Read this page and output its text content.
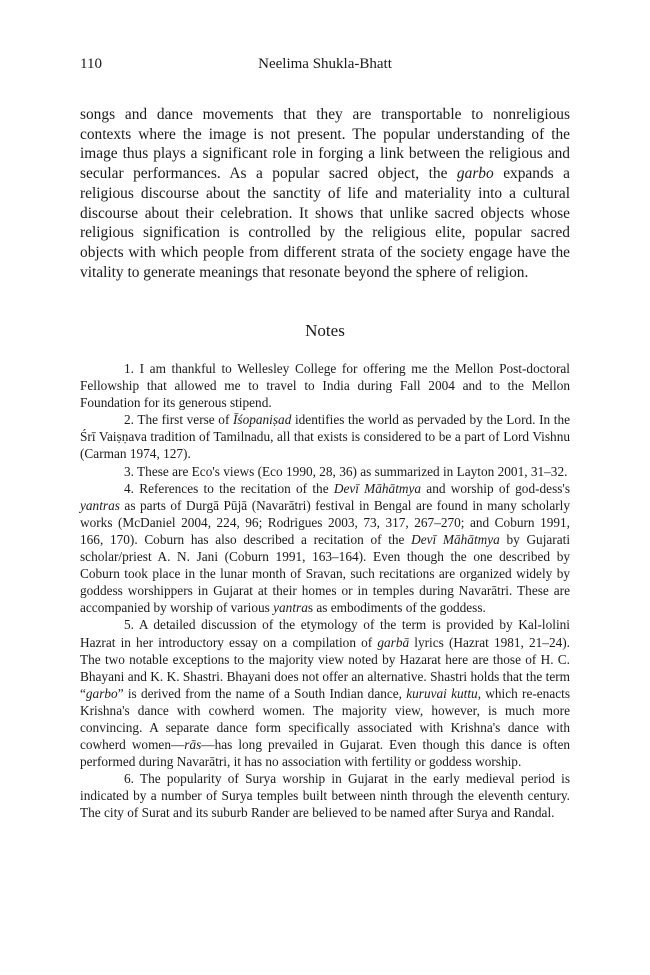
110	Neelima Shukla-Bhatt

songs and dance movements that they are transportable to nonreligious contexts where the image is not present. The popular understanding of the image thus plays a significant role in forging a link between the religious and secular performances. As a popular sacred object, the garbo expands a religious discourse about the sanctity of life and materiality into a cultural discourse about their celebration. It shows that unlike sacred objects whose religious signification is controlled by the religious elite, popular sacred objects with which people from different strata of the society engage have the vitality to generate meanings that resonate beyond the sphere of religion.

Notes

1. I am thankful to Wellesley College for offering me the Mellon Post-doctoral Fellowship that allowed me to travel to India during Fall 2004 and to the Mellon Foundation for its generous stipend.

2. The first verse of Īśopaniṣad identifies the world as pervaded by the Lord. In the Śrī Vaiṣṇava tradition of Tamilnadu, all that exists is considered to be a part of Lord Vishnu (Carman 1974, 127).

3. These are Eco's views (Eco 1990, 28, 36) as summarized in Layton 2001, 31–32.

4. References to the recitation of the Devī Māhātmya and worship of god-dess's yantras as parts of Durgā Pūjā (Navarātri) festival in Bengal are found in many scholarly works (McDaniel 2004, 224, 96; Rodrigues 2003, 73, 317, 267–270; and Coburn 1991, 166, 170). Coburn has also described a recitation of the Devī Māhātmya by Gujarati scholar/priest A. N. Jani (Coburn 1991, 163–164). Even though the one described by Coburn took place in the lunar month of Sravan, such recitations are organized widely by goddess worshippers in Gujarat at their homes or in temples during Navarātri. These are accompanied by worship of various yantras as embodiments of the goddess.

5. A detailed discussion of the etymology of the term is provided by Kal-lolini Hazrat in her introductory essay on a compilation of garbā lyrics (Hazrat 1981, 21–24). The two notable exceptions to the majority view noted by Hazarat here are those of H. C. Bhayani and K. K. Shastri. Bhayani does not offer an alternative. Shastri holds that the term “garbo” is derived from the name of a South Indian dance, kuruvai kuttu, which re-enacts Krishna's dance with cowherd women. The majority view, however, is much more convincing. A separate dance form specifically associated with Krishna's dance with cowherd women—rās—has long prevailed in Gujarat. Even though this dance is often performed during Navarātri, it has no association with fertility or goddess worship.

6. The popularity of Surya worship in Gujarat in the early medieval period is indicated by a number of Surya temples built between ninth through the eleventh century. The city of Surat and its suburb Rander are believed to be named after Surya and Randal.
